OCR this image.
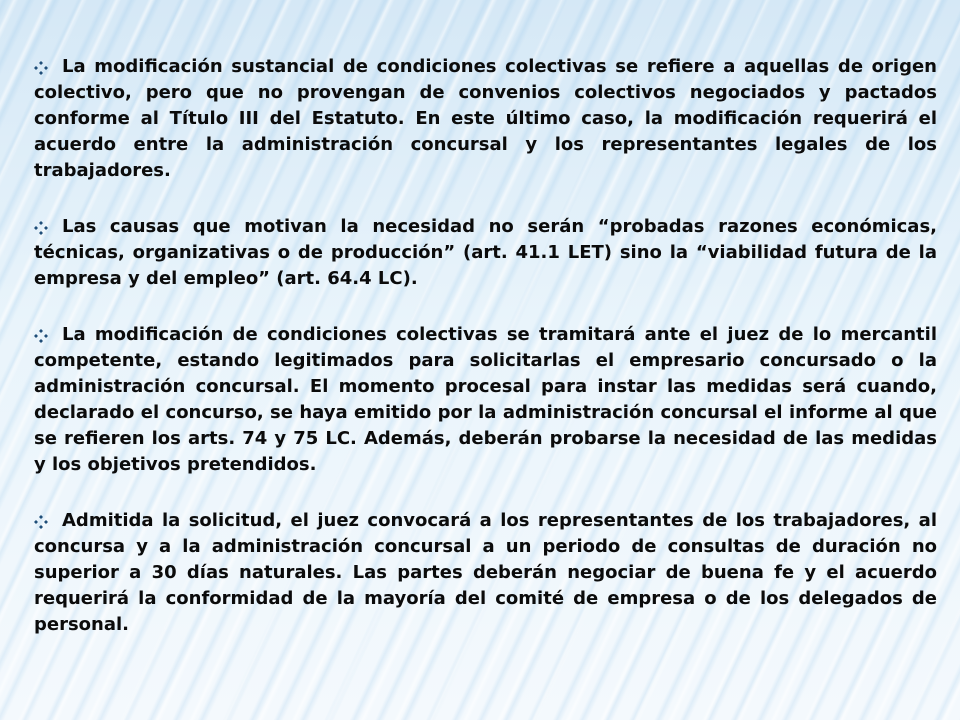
La modificación sustancial de condiciones colectivas se refiere a aquellas de origen colectivo, pero que no provengan de convenios colectivos negociados y pactados conforme al Título III del Estatuto. En este último caso, la modificación requerirá el acuerdo entre la administración concursal y los representantes legales de los trabajadores.

Las causas que motivan la necesidad no serán “probadas razones económicas, técnicas, organizativas o de producción” (art. 41.1 LET) sino la “viabilidad futura de la empresa y del empleo” (art. 64.4 LC).

La modificación de condiciones colectivas se tramitará ante el juez de lo mercantil competente, estando legitimados para solicitarlas el empresario concursado o la administración concursal. El momento procesal para instar las medidas será cuando, declarado el concurso, se haya emitido por la administración concursal el informe al que se refieren los arts. 74 y 75 LC. Además, deberán probarse la necesidad de las medidas y los objetivos pretendidos.

Admitida la solicitud, el juez convocará a los representantes de los trabajadores, al concursa y a la administración concursal a un periodo de consultas de duración no superior a 30 días naturales. Las partes deberán negociar de buena fe y el acuerdo requerirá la conformidad de la mayoría del comité de empresa o de los delegados de personal.
